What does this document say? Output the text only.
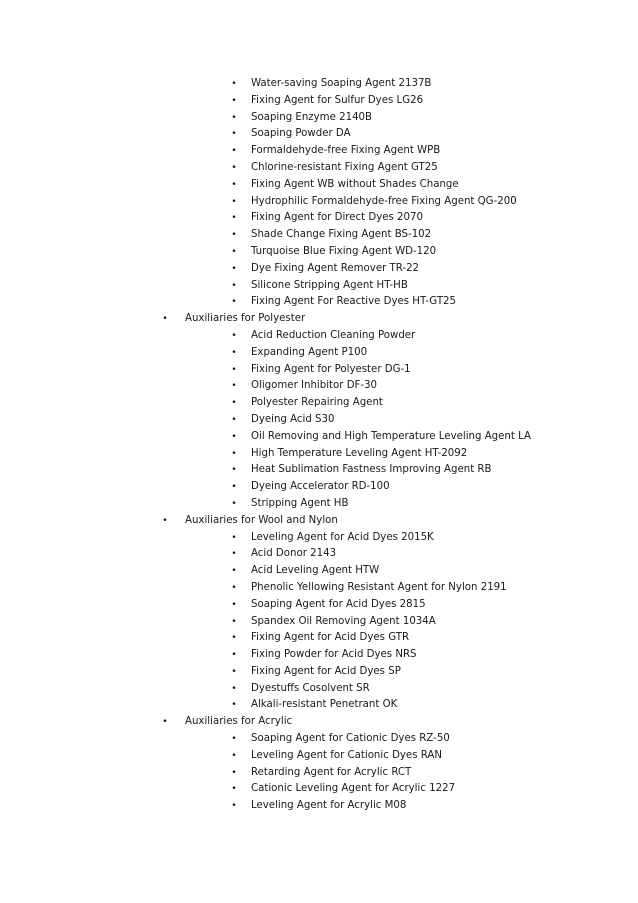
• Water-saving Soaping Agent 2137B
• Fixing Agent for Sulfur Dyes LG26
• Soaping Enzyme 2140B
• Soaping Powder DA
• Formaldehyde-free Fixing Agent WPB
• Chlorine-resistant Fixing Agent GT25
• Fixing Agent WB without Shades Change
• Hydrophilic Formaldehyde-free Fixing Agent QG-200
• Fixing Agent for Direct Dyes 2070
• Shade Change Fixing Agent BS-102
• Turquoise Blue Fixing Agent WD-120
• Dye Fixing Agent Remover TR-22
• Silicone Stripping Agent HT-HB
• Fixing Agent For Reactive Dyes HT-GT25
• Auxiliaries for Polyester
• Acid Reduction Cleaning Powder
• Expanding Agent P100
• Fixing Agent for Polyester DG-1
• Oligomer Inhibitor DF-30
• Polyester Repairing Agent
• Dyeing Acid S30
• Oil Removing and High Temperature Leveling Agent LA
• High Temperature Leveling Agent HT-2092
• Heat Sublimation Fastness Improving Agent RB
• Dyeing Accelerator RD-100
• Stripping Agent HB
• Auxiliaries for Wool and Nylon
• Leveling Agent for Acid Dyes 2015K
• Acid Donor 2143
• Acid Leveling Agent HTW
• Phenolic Yellowing Resistant Agent for Nylon 2191
• Soaping Agent for Acid Dyes 2815
• Spandex Oil Removing Agent 1034A
• Fixing Agent for Acid Dyes GTR
• Fixing Powder for Acid Dyes NRS
• Fixing Agent for Acid Dyes SP
• Dyestuffs Cosolvent SR
• Alkali-resistant Penetrant OK
• Auxiliaries for Acrylic
• Soaping Agent for Cationic Dyes RZ-50
• Leveling Agent for Cationic Dyes RAN
• Retarding Agent for Acrylic RCT
• Cationic Leveling Agent for Acrylic 1227
• Leveling Agent for Acrylic M08
